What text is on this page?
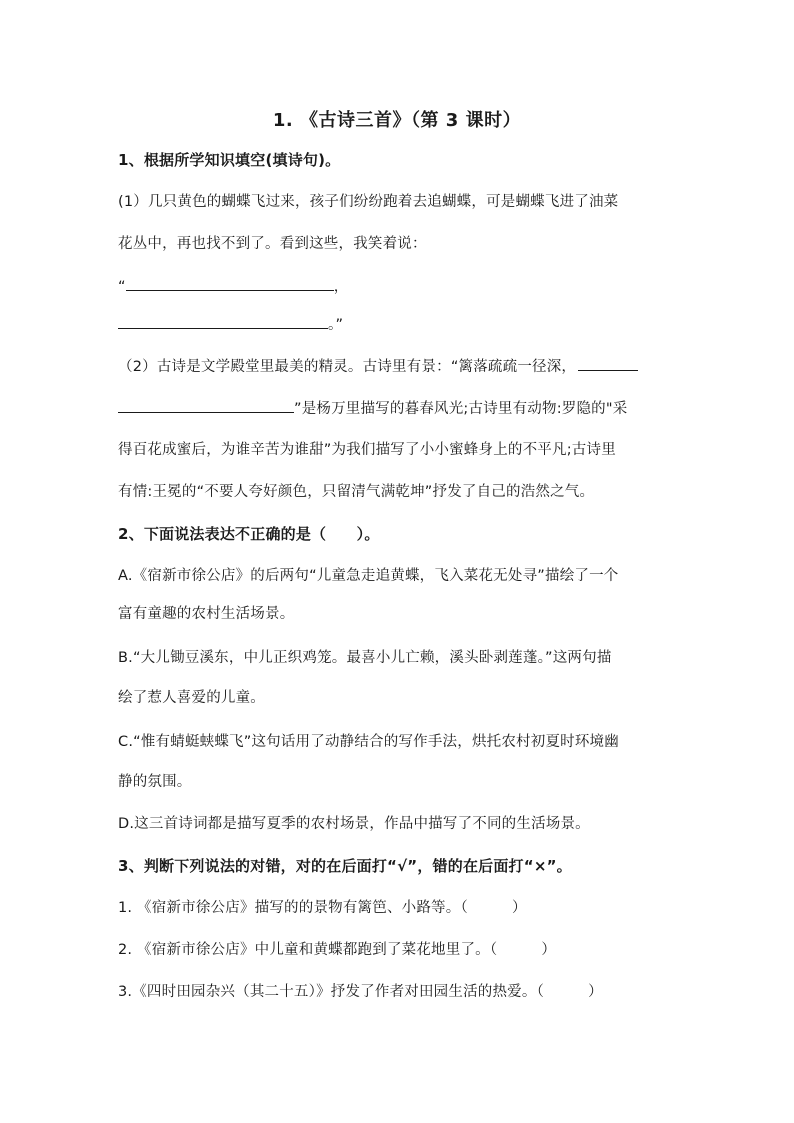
1. 《古诗三首》（第 3 课时）
1、根据所学知识填空(填诗句)。
(1）几只黄色的蝴蝶飞过来，孩子们纷纷跑着去追蝴蝶，可是蝴蝶飞进了油菜
花丛中，再也找不到了。看到这些，我笑着说：
“	，
。”
（2）古诗是文学殿堂里最美的精灵。古诗里有景：“篱落疏疏一径深，
”是杨万里描写的暮春风光;古诗里有动物:罗隐的"采
得百花成蜜后，为谁辛苦为谁甜”为我们描写了小小蜜蜂身上的不平凡;古诗里
有情:王冕的“不要人夸好颜色，只留清气满乾坤”抒发了自己的浩然之气。
2、下面说法表达不正确的是（　　）。
A.《宿新市徐公店》的后两句“儿童急走追黄蝶，飞入菜花无处寻”描绘了一个
富有童趣的农村生活场景。
B.“大儿锄豆溪东，中儿正织鸡笼。最喜小儿亡赖，溪头卧剥莲蓬。”这两句描
绘了惹人喜爱的儿童。
C.“惟有蜻蜓蛱蝶飞”这句话用了动静结合的写作手法，烘托农村初夏时环境幽
静的氛围。
D.这三首诗词都是描写夏季的农村场景，作品中描写了不同的生活场景。
3、判断下列说法的对错，对的在后面打“√”，错的在后面打“×”。
1. 《宿新市徐公店》描写的的景物有篱笆、小路等。（　　　）
2. 《宿新市徐公店》中儿童和黄蝶都跑到了菜花地里了。（　　　）
3.《四时田园杂兴（其二十五）》抒发了作者对田园生活的热爱。（　　　）
